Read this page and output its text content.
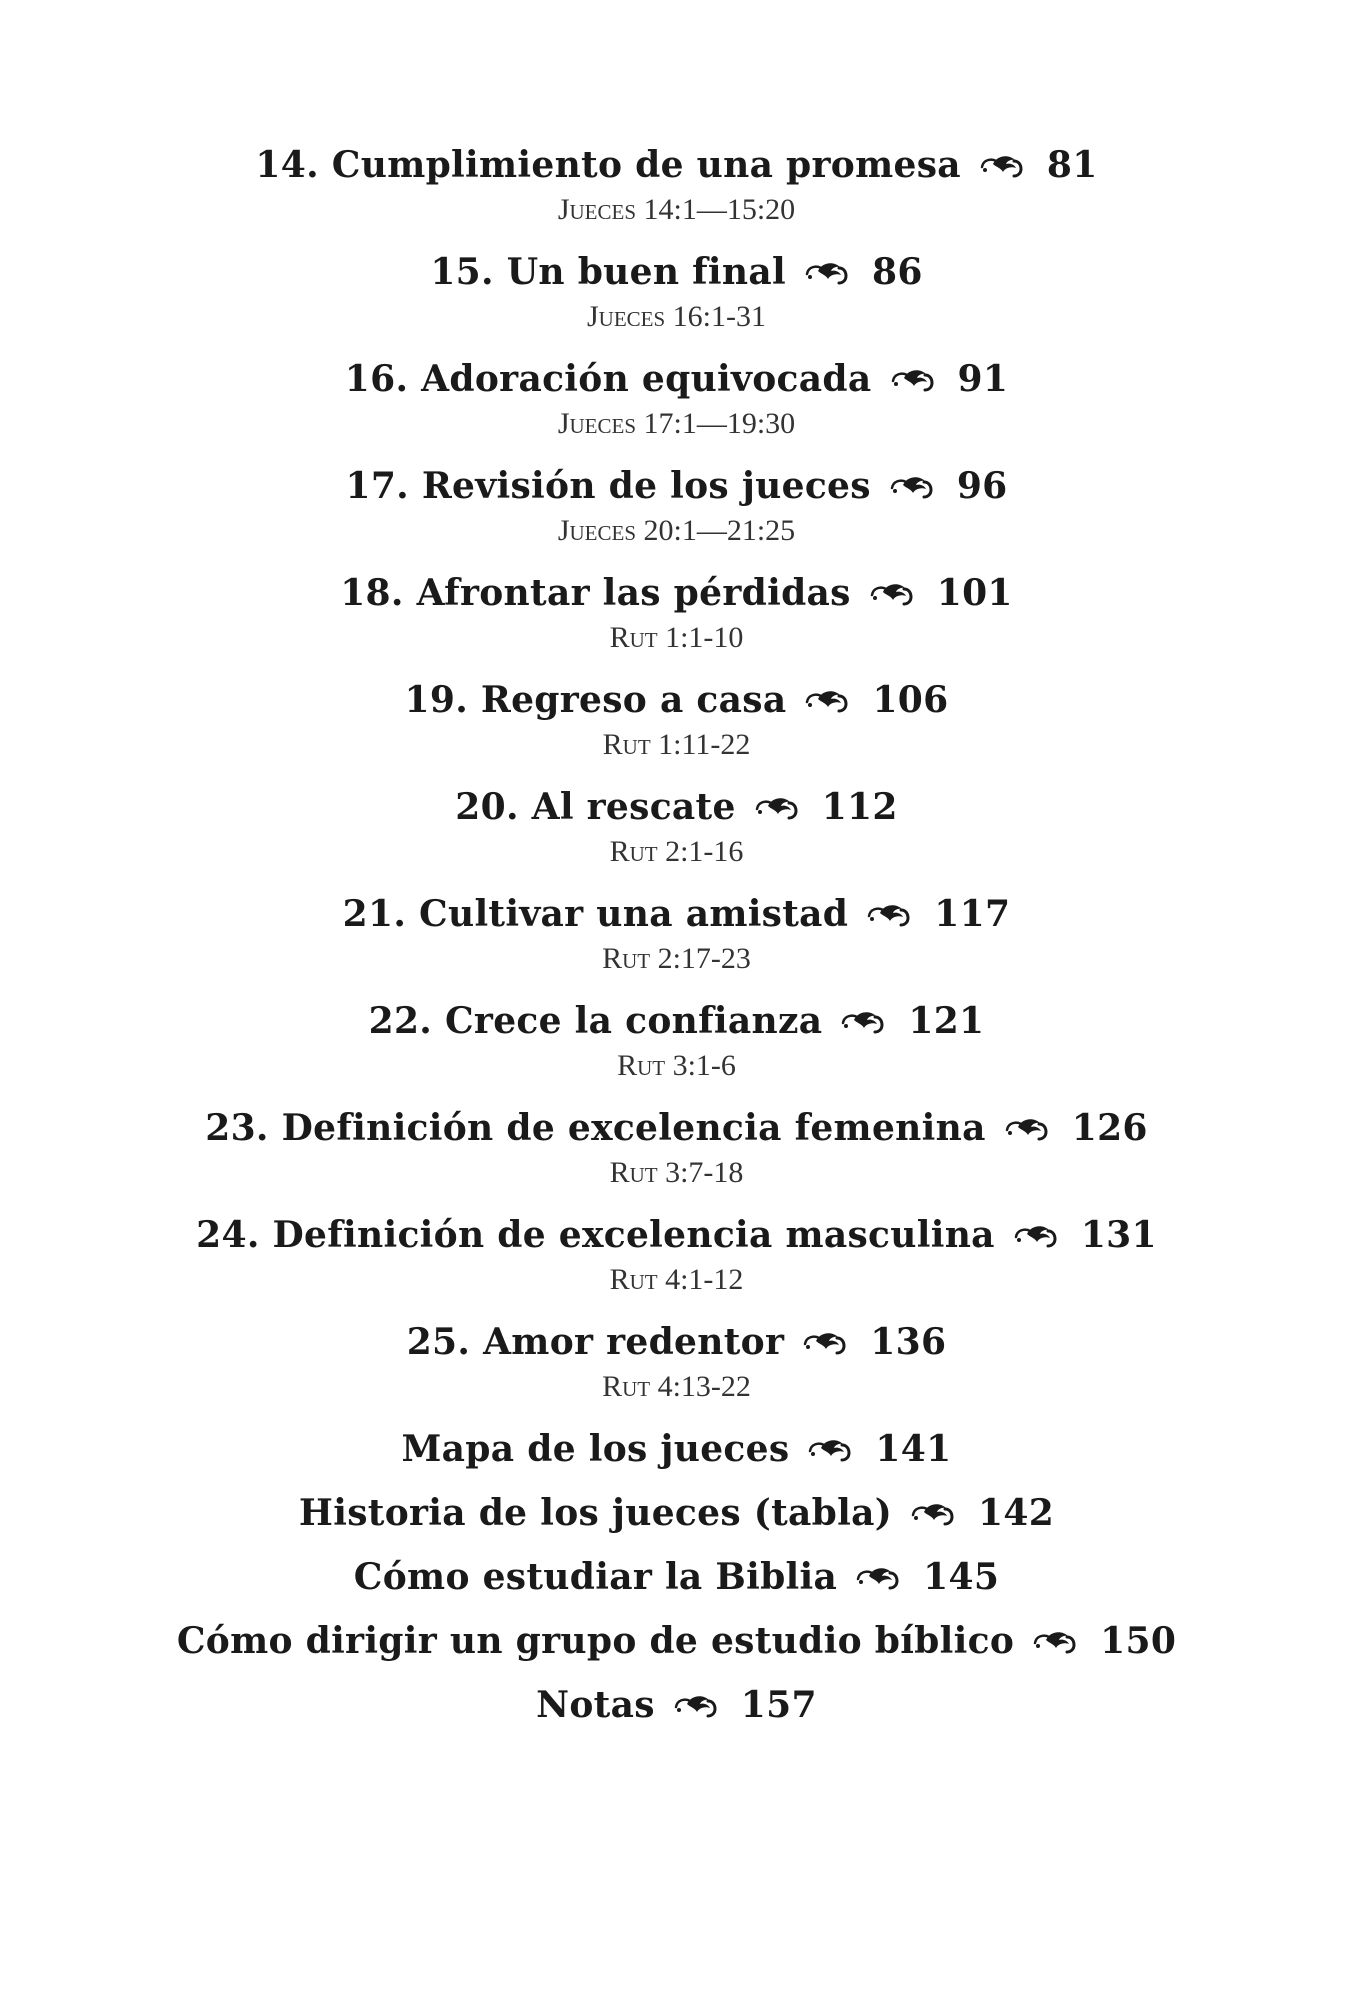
14. Cumplimiento de una promesa 81
Jueces 14:1—15:20
15. Un buen final 86
Jueces 16:1-31
16. Adoración equivocada 91
Jueces 17:1—19:30
17. Revisión de los jueces 96
Jueces 20:1—21:25
18. Afrontar las pérdidas 101
Rut 1:1-10
19. Regreso a casa 106
Rut 1:11-22
20. Al rescate 112
Rut 2:1-16
21. Cultivar una amistad 117
Rut 2:17-23
22. Crece la confianza 121
Rut 3:1-6
23. Definición de excelencia femenina 126
Rut 3:7-18
24. Definición de excelencia masculina 131
Rut 4:1-12
25. Amor redentor 136
Rut 4:13-22
Mapa de los jueces 141
Historia de los jueces (tabla) 142
Cómo estudiar la Biblia 145
Cómo dirigir un grupo de estudio bíblico 150
Notas 157
